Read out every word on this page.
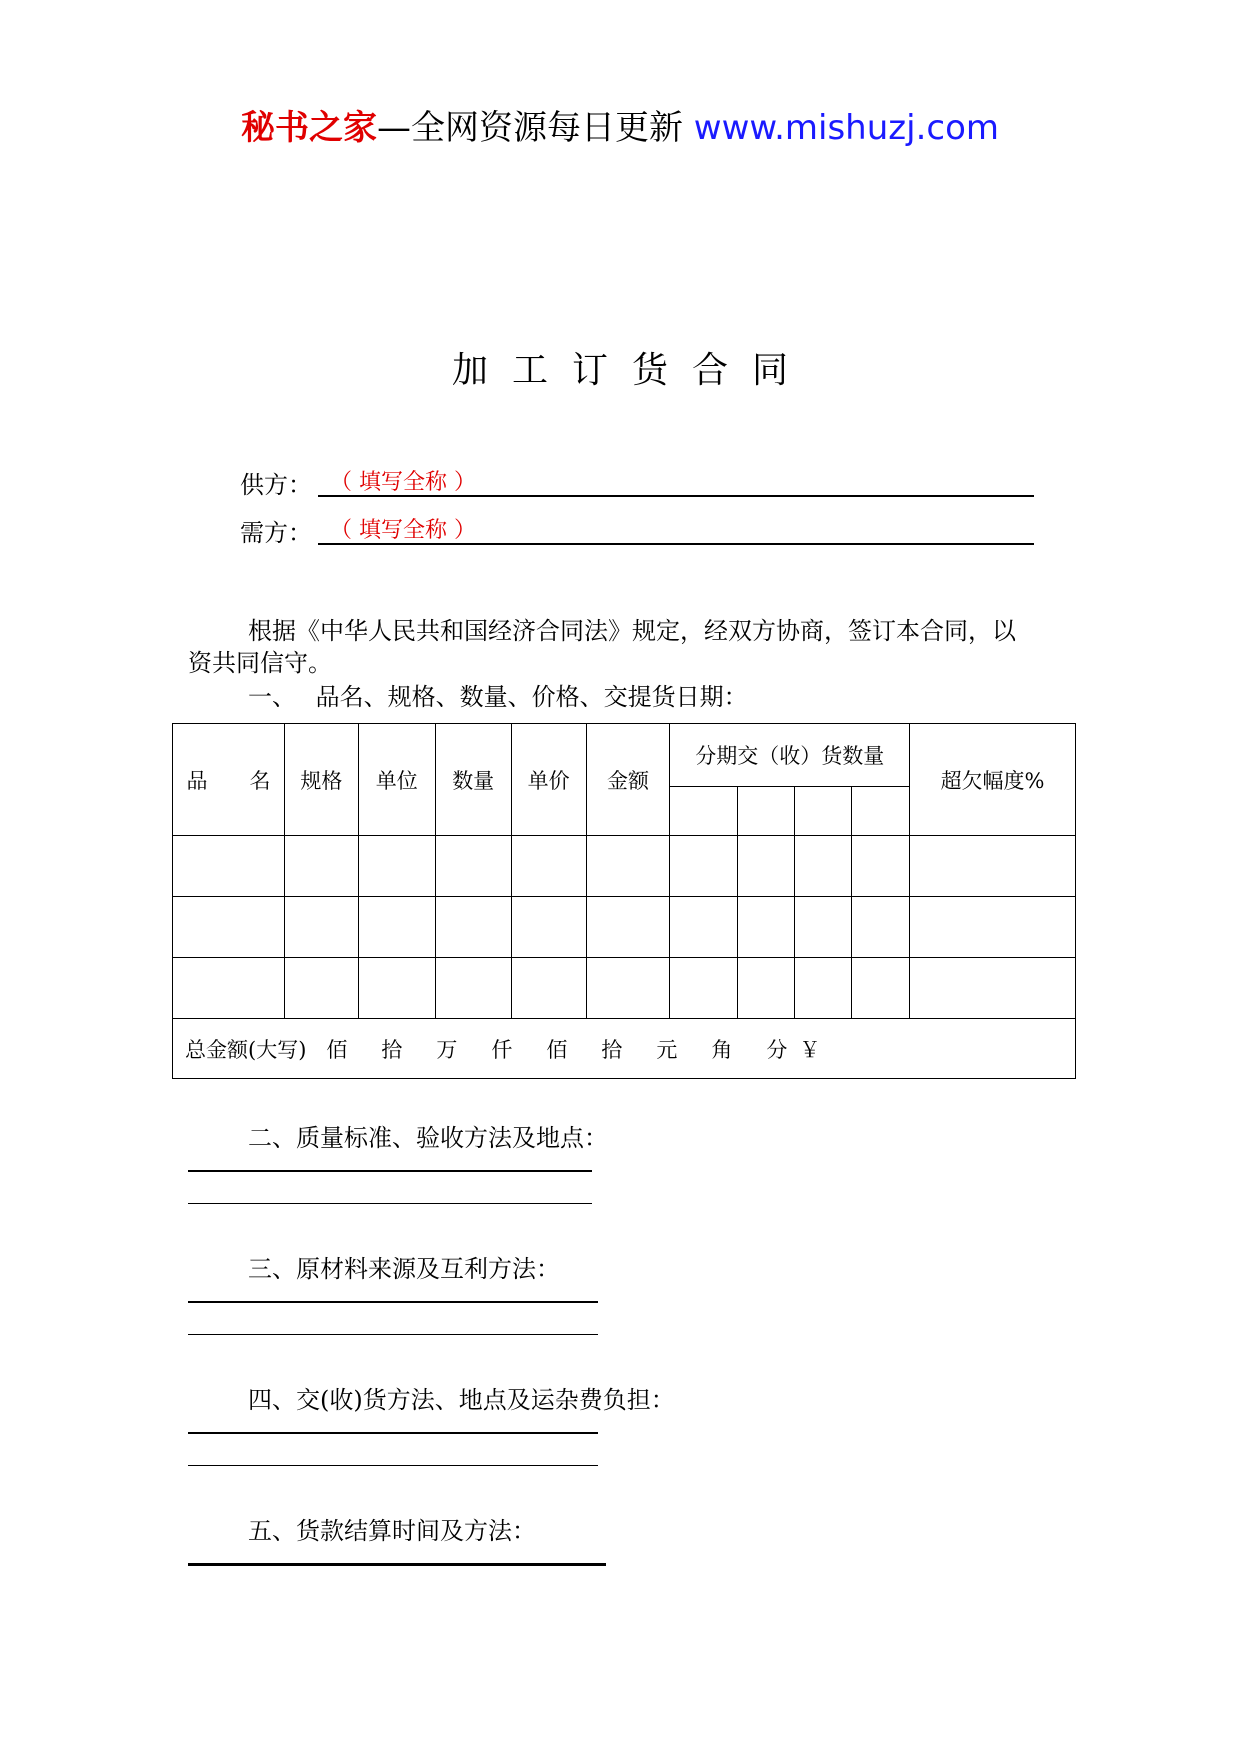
秘书之家—全网资源每日更新 www.mishuzj.com
加工订货合同
供方： （ 填写全称 ）
需方： （ 填写全称 ）
根据《中华人民共和国经济合同法》规定，经双方协商，签订本合同，以
资共同信守。
一、　 品名、规格、数量、价格、交提货日期：
品　　名	规格	单位	数量	单价	金额	分期交（收）货数量				超欠幅度%

总金额(大写) 佰 拾 万 仟 佰 拾 元 角 分 ￥										
二、质量标准、验收方法及地点：
三、原材料来源及互利方法：
四、交(收)货方法、地点及运杂费负担：
五、货款结算时间及方法：
